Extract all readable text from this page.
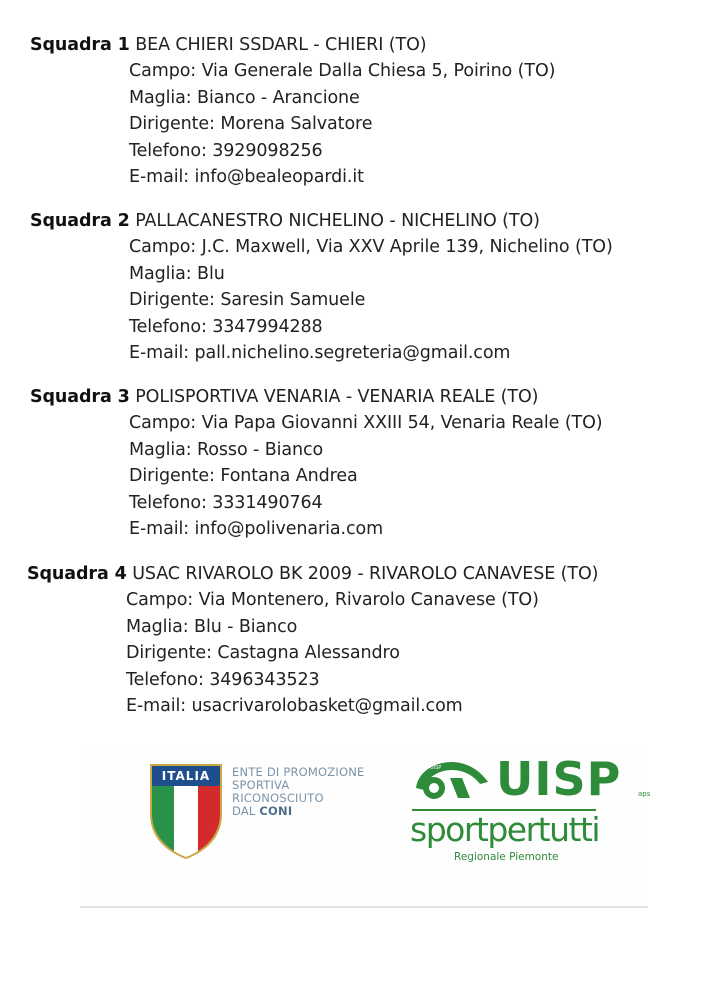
Squadra 1 BEA CHIERI SSDARL - CHIERI (TO)
Campo: Via Generale Dalla Chiesa 5, Poirino (TO)
Maglia: Bianco - Arancione
Dirigente: Morena Salvatore
Telefono: 3929098256
E-mail: info@bealeopardi.it
Squadra 2 PALLACANESTRO NICHELINO - NICHELINO (TO)
Campo: J.C. Maxwell, Via XXV Aprile 139, Nichelino (TO)
Maglia: Blu
Dirigente: Saresin Samuele
Telefono: 3347994288
E-mail: pall.nichelino.segreteria@gmail.com
Squadra 3 POLISPORTIVA VENARIA - VENARIA REALE (TO)
Campo: Via Papa Giovanni XXIII 54, Venaria Reale (TO)
Maglia: Rosso - Bianco
Dirigente: Fontana Andrea
Telefono: 3331490764
E-mail: info@polivenaria.com
Squadra 4 USAC RIVAROLO BK 2009 - RIVAROLO CANAVESE (TO)
Campo: Via Montenero, Rivarolo Canavese (TO)
Maglia: Blu - Bianco
Dirigente: Castagna Alessandro
Telefono: 3496343523
E-mail: usacrivarolobasket@gmail.com
ITALIA ENTE DI PROMOZIONE
SPORTIVA
RICONOSCIUTO
DAL CONI
UISP UISP aps
sportpertutti
Regionale Piemonte
